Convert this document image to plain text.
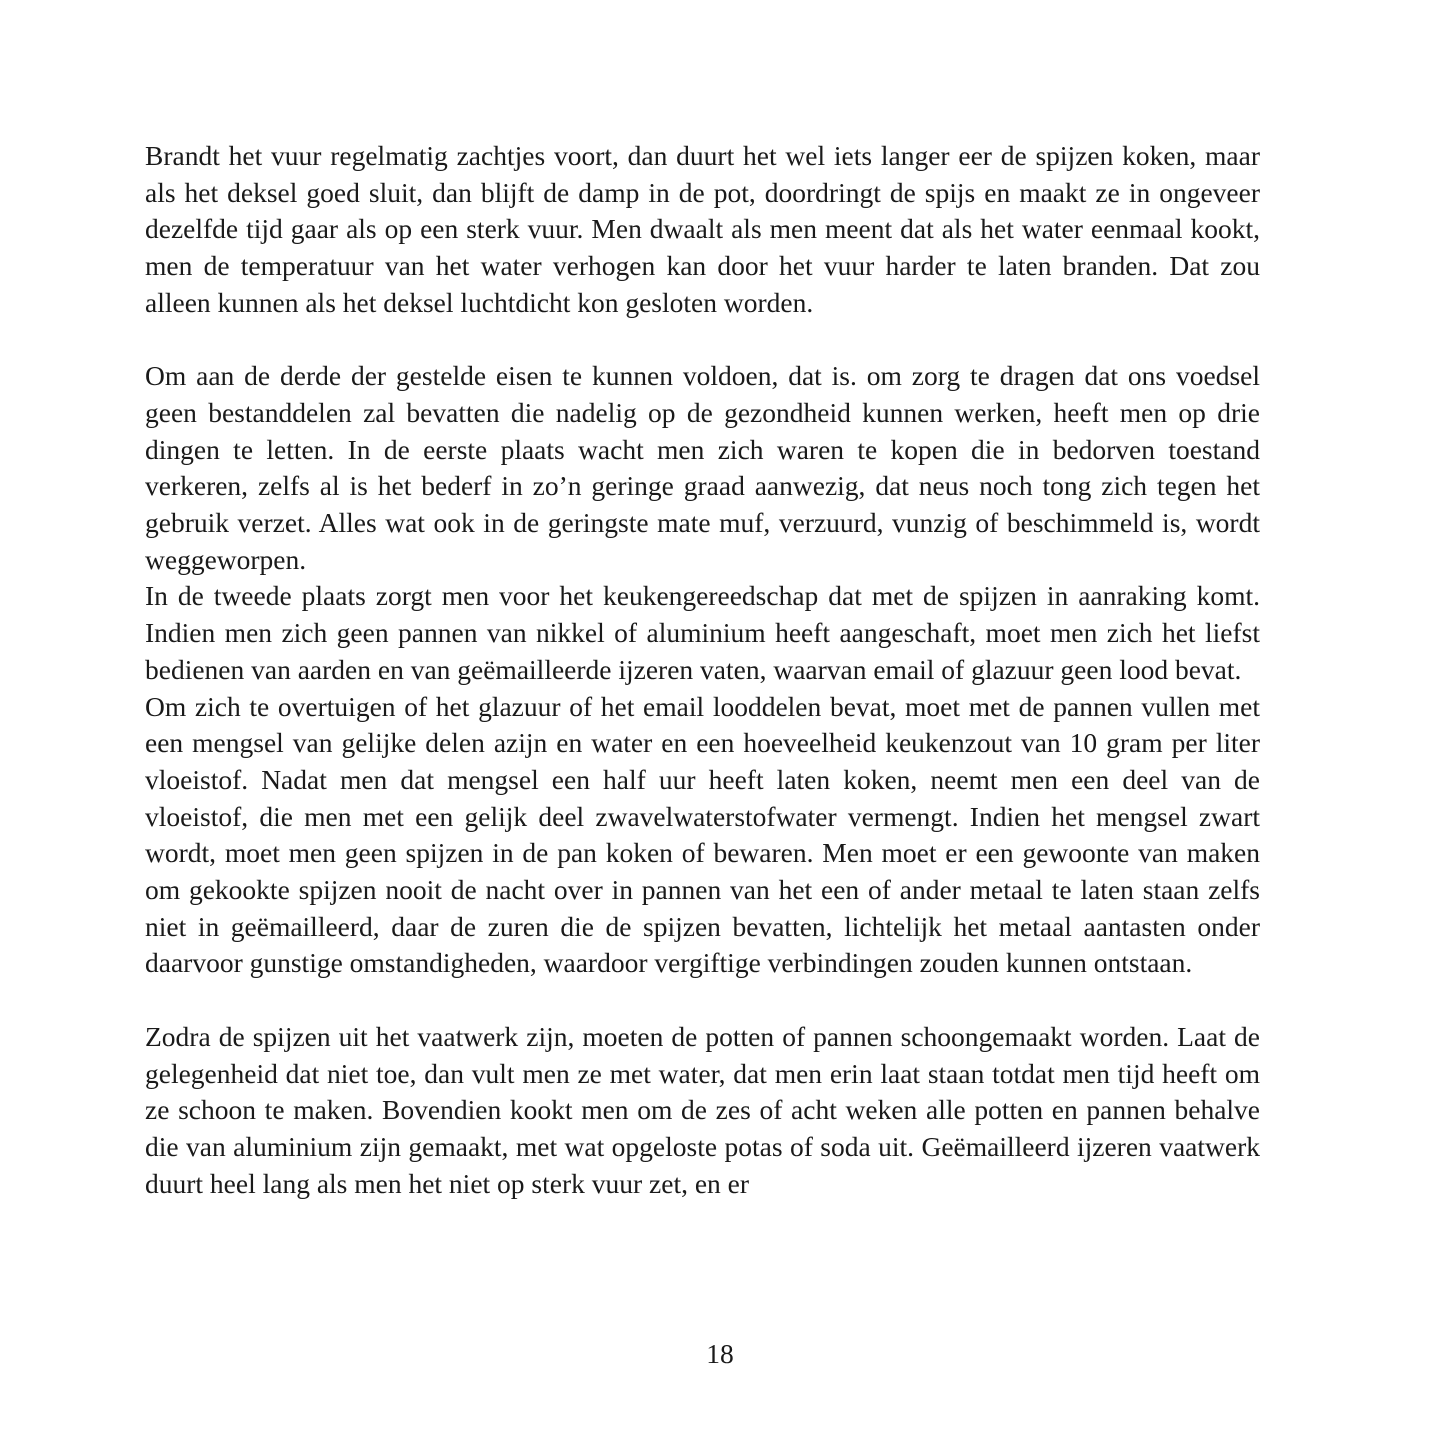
Brandt het vuur regelmatig zachtjes voort, dan duurt het wel iets langer eer de spijzen koken, maar als het deksel goed sluit, dan blijft de damp in de pot, doordringt de spijs en maakt ze in ongeveer dezelfde tijd gaar als op een sterk vuur. Men dwaalt als men meent dat als het water eenmaal kookt, men de temperatuur van het water verhogen kan door het vuur harder te laten branden. Dat zou alleen kunnen als het deksel luchtdicht kon gesloten worden.

Om aan de derde der gestelde eisen te kunnen voldoen, dat is. om zorg te dragen dat ons voedsel geen bestanddelen zal bevatten die nadelig op de gezondheid kunnen werken, heeft men op drie dingen te letten. In de eerste plaats wacht men zich waren te kopen die in bedorven toestand verkeren, zelfs al is het bederf in zo’n geringe graad aanwezig, dat neus noch tong zich tegen het gebruik verzet. Alles wat ook in de geringste mate muf, verzuurd, vunzig of beschimmeld is, wordt weggeworpen.

In de tweede plaats zorgt men voor het keukengereedschap dat met de spijzen in aanraking komt. Indien men zich geen pannen van nikkel of aluminium heeft aangeschaft, moet men zich het liefst bedienen van aarden en van geëmailleerde ijzeren vaten, waarvan email of glazuur geen lood bevat.

Om zich te overtuigen of het glazuur of het email looddelen bevat, moet met de pannen vullen met een mengsel van gelijke delen azijn en water en een hoeveelheid keukenzout van 10 gram per liter vloeistof. Nadat men dat mengsel een half uur heeft laten koken, neemt men een deel van de vloeistof, die men met een gelijk deel zwavelwaterstofwater vermengt. Indien het mengsel zwart wordt, moet men geen spijzen in de pan koken of bewaren. Men moet er een gewoonte van maken om gekookte spijzen nooit de nacht over in pannen van het een of ander metaal te laten staan zelfs niet in geëmailleerd, daar de zuren die de spijzen bevatten, lichtelijk het metaal aantasten onder daarvoor gunstige omstandigheden, waardoor vergiftige verbindingen zouden kunnen ontstaan.

Zodra de spijzen uit het vaatwerk zijn, moeten de potten of pannen schoongemaakt worden. Laat de gelegenheid dat niet toe, dan vult men ze met water, dat men erin laat staan totdat men tijd heeft om ze schoon te maken. Bovendien kookt men om de zes of acht weken alle potten en pannen behalve die van aluminium zijn gemaakt, met wat opgeloste potas of soda uit. Geëmailleerd ijzeren vaatwerk duurt heel lang als men het niet op sterk vuur zet, en er

18
